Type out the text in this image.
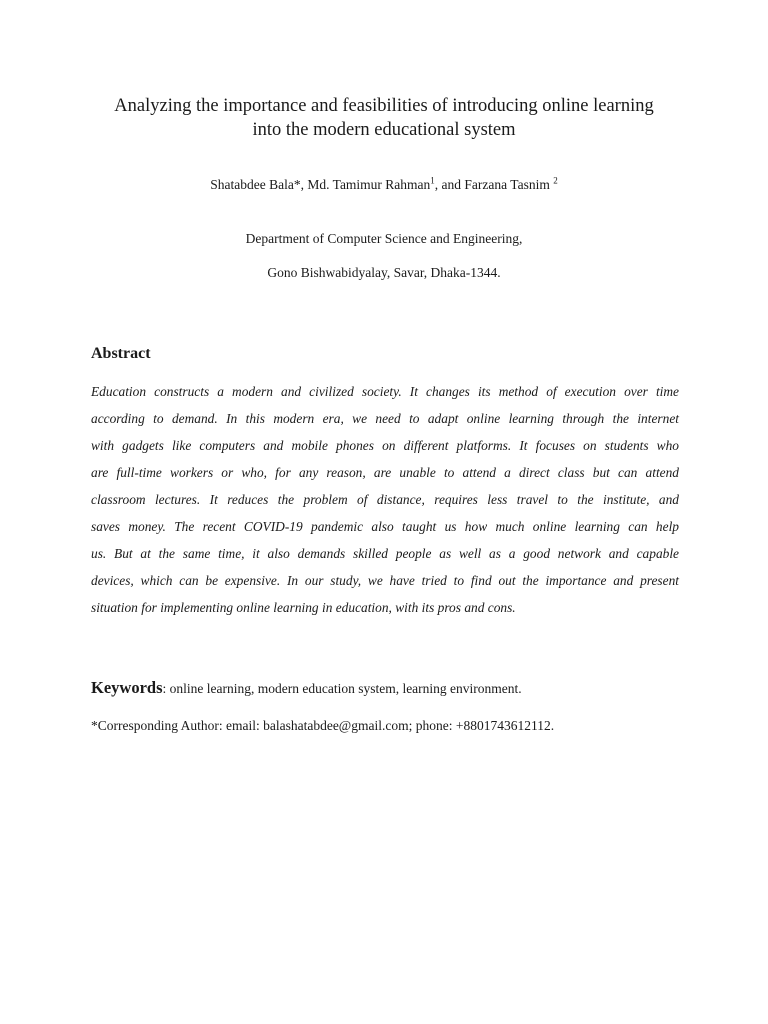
Analyzing the importance and feasibilities of introducing online learning
into the modern educational system
Shatabdee Bala*, Md. Tamimur Rahman$^1$, and Farzana Tasnim $^2$
Department of Computer Science and Engineering,
Gono Bishwabidyalay, Savar, Dhaka-1344.
Abstract
Education constructs a modern and civilized society. It changes its method of execution over time
according to demand. In this modern era, we need to adapt online learning through the internet
with gadgets like computers and mobile phones on different platforms. It focuses on students who
are full-time workers or who, for any reason, are unable to attend a direct class but can attend
classroom lectures. It reduces the problem of distance, requires less travel to the institute, and
saves money. The recent COVID-19 pandemic also taught us how much online learning can help
us. But at the same time, it also demands skilled people as well as a good network and capable
devices, which can be expensive. In our study, we have tried to find out the importance and present
situation for implementing online learning in education, with its pros and cons.
Keywords: online learning, modern education system, learning environment.
*Corresponding Author: email: balashatabdee@gmail.com; phone: +8801743612112.
